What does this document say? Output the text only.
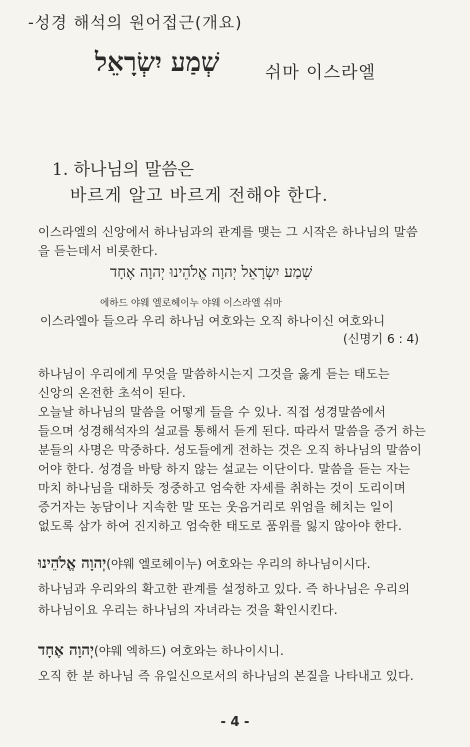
-성경 해석의 원어접근(개요)
שְׁמַע יִשְׂרָאֵל	쉬마 이스라엘
1. 하나님의 말씀은
바르게 알고 바르게 전해야 한다.
이스라엘의 신앙에서 하나님과의 관계를 맺는 그 시작은 하나님의 말씀
을 듣는데서 비롯한다.
שְׁמַע יִשְׂרָאֵל יְהוָה אֱלֹהֵינוּ יְהוָה אֶחָד
에하드 야웨 엘로헤이누 야웨 이스라엘 쉬마
이스라엘아 들으라 우리 하나님 여호와는 오직 하나이신 여호와니
(신명기 6 : 4)
하나님이 우리에게 무엇을 말씀하시는지 그것을 옳게 듣는 태도는
신앙의 온전한 초석이 된다.
오늘날 하나님의 말씀을 어떻게 들을 수 있나. 직접 성경말씀에서
들으며 성경해석자의 설교를 통해서 듣게 된다. 따라서 말씀을 증거 하는
분들의 사명은 막중하다. 성도들에게 전하는 것은 오직 하나님의 말씀이
어야 한다. 성경을 바탕 하지 않는 설교는 이단이다. 말씀을 듣는 자는
마치 하나님을 대하듯 정중하고 엄숙한 자세를 취하는 것이 도리이며
증거자는 농담이나 지속한 말 또는 웃음거리로 위엄을 헤치는 일이
없도록 삼가 하여 진지하고 엄숙한 태도로 품위를 잃지 않아야 한다.
יְהוָה אֱלֹהֵינוּ(야웨 엘로헤이누) 여호와는 우리의 하나님이시다.
하나님과 우리와의 확고한 관계를 설정하고 있다. 즉 하나님은 우리의
하나님이요 우리는 하나님의 자녀라는 것을 확인시킨다.
יְהוָה אֶחָד(야웨 엑하드) 여호와는 하나이시니.
오직 한 분 하나님 즉 유일신으로서의 하나님의 본질을 나타내고 있다.
- 4 -
